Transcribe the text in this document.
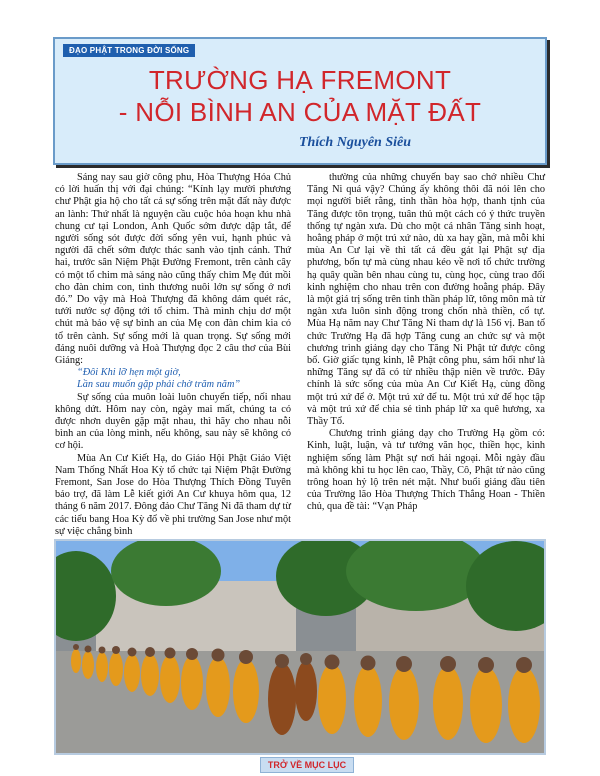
ĐẠO PHẬT TRONG ĐỜI SỐNG
TRƯỜNG HẠ FREMONT
- NỖI BÌNH AN CỦA MẶT ĐẤT
Thích Nguyên Siêu

Sáng nay sau giờ công phu, Hòa Thượng Hóa Chủ có lời huấn thị với đại chúng: “Kính lạy mười phương chư Phật gia hộ cho tất cả sự sống trên mặt đất này được an lành: Thứ nhất là nguyện cầu cuộc hỏa hoạn khu nhà chung cư tại London, Anh Quốc sớm được dập tắt, để người sống sót được đời sống yên vui, hạnh phúc và người đã chết sớm được thác sanh vào tịnh cảnh. Thứ hai, trước sân Niệm Phật Đường Fremont, trên cành cây có một tổ chim mà sáng nào cũng thấy chim Mẹ đút mồi cho đàn chim con, tình thương nuôi lớn sự sống ở nơi đó.” Do vậy mà Hoà Thượng đã không dám quét rác, tưới nước sợ động tới tổ chim. Thà mình chịu dơ một chút mà bảo vệ sự bình an của Mẹ con đàn chim kia có tổ trên cành. Sự sống mới là quan trọng. Sự sống mới đáng nuôi dưỡng và Hoà Thượng đọc 2 câu thơ của Bùi Giáng:

“Đôi Khi lỡ hẹn một giờ,
Lần sau muốn gặp phải chờ trăm năm”

Sự sống của muôn loài luôn chuyển tiếp, nối nhau không dứt. Hôm nay còn, ngày mai mất, chúng ta có được nhơn duyên gặp mặt nhau, thì hãy cho nhau nỗi bình an của lòng mình, nếu không, sau này sẽ không có cơ hội.

Mùa An Cư Kiết Hạ, do Giáo Hội Phật Giáo Việt Nam Thống Nhất Hoa Kỳ tổ chức tại Niệm Phật Đường Fremont, San Jose do Hòa Thượng Thích Đồng Tuyên bảo trợ, đã làm Lễ kiết giới An Cư khuya hôm qua, 12 tháng 6 năm 2017. Đông đảo Chư Tăng Ni đã tham dự từ các tiểu bang Hoa Kỳ đổ về phi trường San Jose như một sự việc chẳng bình

thường của những chuyến bay sao chở nhiều Chư Tăng Ni quá vậy? Chúng ấy không thôi đã nói lên cho mọi người biết rằng, tinh thần hòa hợp, thanh tịnh của Tăng được tôn trọng, tuân thủ một cách có ý thức truyền thống tự ngàn xưa. Dù cho một cá nhân Tăng sinh hoạt, hoằng pháp ở một trú xứ nào, dù xa hay gần, mà mỗi khi mùa An Cư lại về thì tất cả đều gát lại Phật sự địa phương, bốn tự mà cùng nhau kéo về nơi tổ chức trường hạ quây quần bên nhau cùng tu, cùng học, cùng trao đổi kinh nghiệm cho nhau trên con đường hoằng pháp. Đây là một giá trị sống trên tinh thần pháp lữ, tông môn mà từ ngàn xưa luôn sinh động trong chốn nhà thiền, cổ tự. Mùa Hạ năm nay Chư Tăng Ni tham dự là 156 vị. Ban tổ chức Trường Hạ đã hợp Tăng cung an chức sự và một chương trình giảng dạy cho Tăng Ni Phật tử được công bố. Giờ giấc tụng kinh, lễ Phật công phu, sám hối như là những Tăng sự đã có từ nhiều thập niên về trước. Đây chính là sức sống của mùa An Cư Kiết Hạ, cùng đồng một trú xứ để ở. Một trú xứ để tu. Một trú xứ để học tập và một trú xứ để chia sẻ tình pháp lữ xa quê hương, xa Thầy Tổ.

Chương trình giảng dạy cho Trường Hạ gồm có: Kinh, luật, luận, và tư tưởng văn học, thiền học, kinh nghiệm sống làm Phật sự nơi hải ngoại. Mỗi ngày đầu mà không khi tu học lên cao, Thầy, Cô, Phật tử nào cũng trông hoan hỷ lộ trên nét mặt. Như buổi giảng đầu tiên của Trường lão Hòa Thượng Thích Thắng Hoan - Thiền chủ, qua đề tài: “Vạn Pháp

TRỞ VỀ MỤC LỤC
